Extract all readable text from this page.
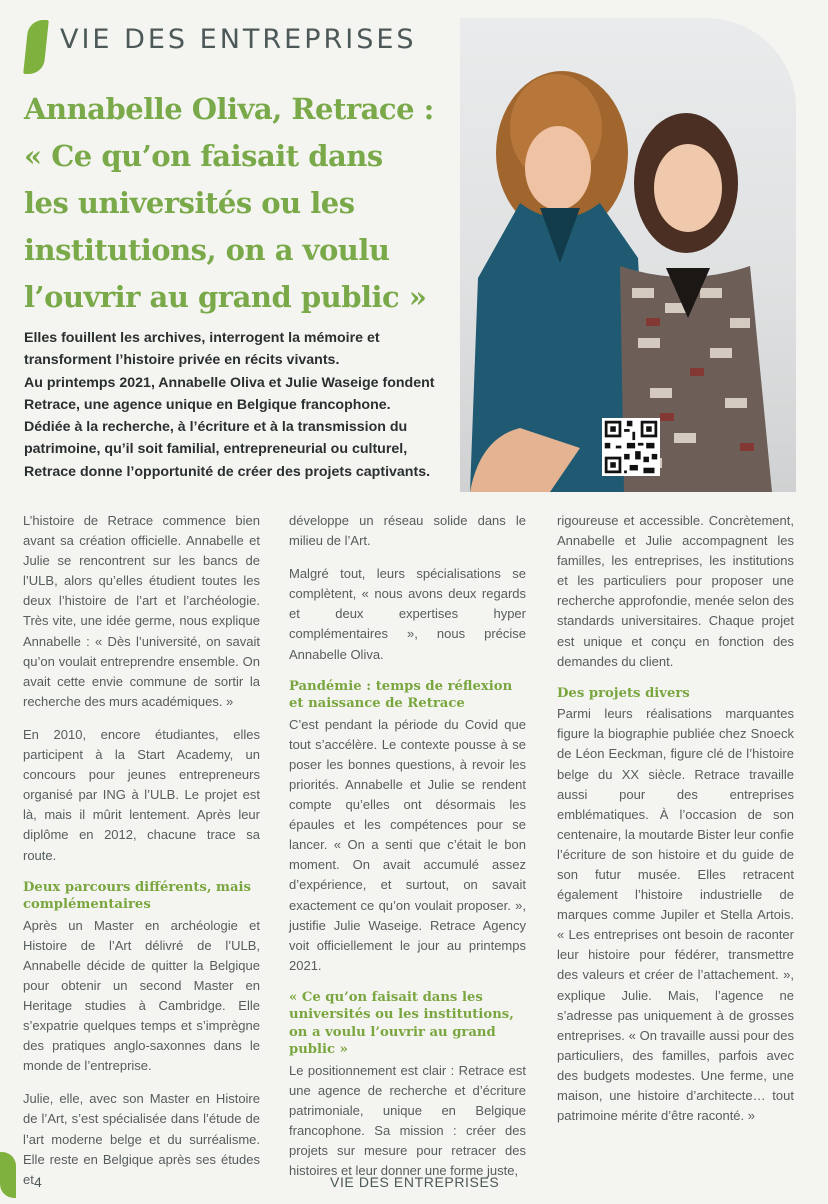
VIE DES ENTREPRISES
Annabelle Oliva, Retrace :
« Ce qu’on faisait dans
les universités ou les
institutions, on a voulu
l’ouvrir au grand public »
Elles fouillent les archives, interrogent la mémoire et
transforment l’histoire privée en récits vivants.
Au printemps 2021, Annabelle Oliva et Julie Waseige fondent
Retrace, une agence unique en Belgique francophone.
Dédiée à la recherche, à l’écriture et à la transmission du
patrimoine, qu’il soit familial, entrepreneurial ou culturel,
Retrace donne l’opportunité de créer des projets captivants.

L’histoire de Retrace commence bien avant sa création officielle. Annabelle et Julie se rencontrent sur les bancs de l’ULB, alors qu’elles étudient toutes les deux l’histoire de l’art et l’archéologie. Très vite, une idée germe, nous explique Annabelle : « Dès l’université, on savait qu’on voulait entreprendre ensemble. On avait cette envie commune de sortir la recherche des murs académiques. »

En 2010, encore étudiantes, elles participent à la Start Academy, un concours pour jeunes entrepreneurs organisé par ING à l’ULB. Le projet est là, mais il mûrit lentement. Après leur diplôme en 2012, chacune trace sa route.

Deux parcours différents, mais complémentaires

Après un Master en archéologie et Histoire de l’Art délivré de l’ULB, Annabelle décide de quitter la Belgique pour obtenir un second Master en Heritage studies à Cambridge. Elle s’expatrie quelques temps et s’imprègne des pratiques anglo-saxonnes dans le monde de l’entreprise.

Julie, elle, avec son Master en Histoire de l’Art, s’est spécialisée dans l’étude de l’art moderne belge et du surréalisme. Elle reste en Belgique après ses études et

développe un réseau solide dans le milieu de l’Art.

Malgré tout, leurs spécialisations se complètent, « nous avons deux regards et deux expertises hyper complémentaires », nous précise Annabelle Oliva.

Pandémie : temps de réflexion et naissance de Retrace

C’est pendant la période du Covid que tout s’accélère. Le contexte pousse à se poser les bonnes questions, à revoir les priorités. Annabelle et Julie se rendent compte qu’elles ont désormais les épaules et les compétences pour se lancer. « On a senti que c’était le bon moment. On avait accumulé assez d’expérience, et surtout, on savait exactement ce qu’on voulait proposer. », justifie Julie Waseige. Retrace Agency voit officiellement le jour au printemps 2021.

« Ce qu’on faisait dans les universités ou les institutions, on a voulu l’ouvrir au grand public »

Le positionnement est clair : Retrace est une agence de recherche et d’écriture patrimoniale, unique en Belgique francophone. Sa mission : créer des projets sur mesure pour retracer des histoires et leur donner une forme juste,

rigoureuse et accessible. Concrètement, Annabelle et Julie accompagnent les familles, les entreprises, les institutions et les particuliers pour proposer une recherche approfondie, menée selon des standards universitaires. Chaque projet est unique et conçu en fonction des demandes du client.

Des projets divers

Parmi leurs réalisations marquantes figure la biographie publiée chez Snoeck de Léon Eeckman, figure clé de l’histoire belge du XX siècle. Retrace travaille aussi pour des entreprises emblématiques. À l’occasion de son centenaire, la moutarde Bister leur confie l’écriture de son histoire et du guide de son futur musée. Elles retracent également l’histoire industrielle de marques comme Jupiler et Stella Artois. « Les entreprises ont besoin de raconter leur histoire pour fédérer, transmettre des valeurs et créer de l’attachement. », explique Julie. Mais, l’agence ne s’adresse pas uniquement à de grosses entreprises. « On travaille aussi pour des particuliers, des familles, parfois avec des budgets modestes. Une ferme, une maison, une histoire d’architecte… tout patrimoine mérite d’être raconté. »

4	VIE DES ENTREPRISES
